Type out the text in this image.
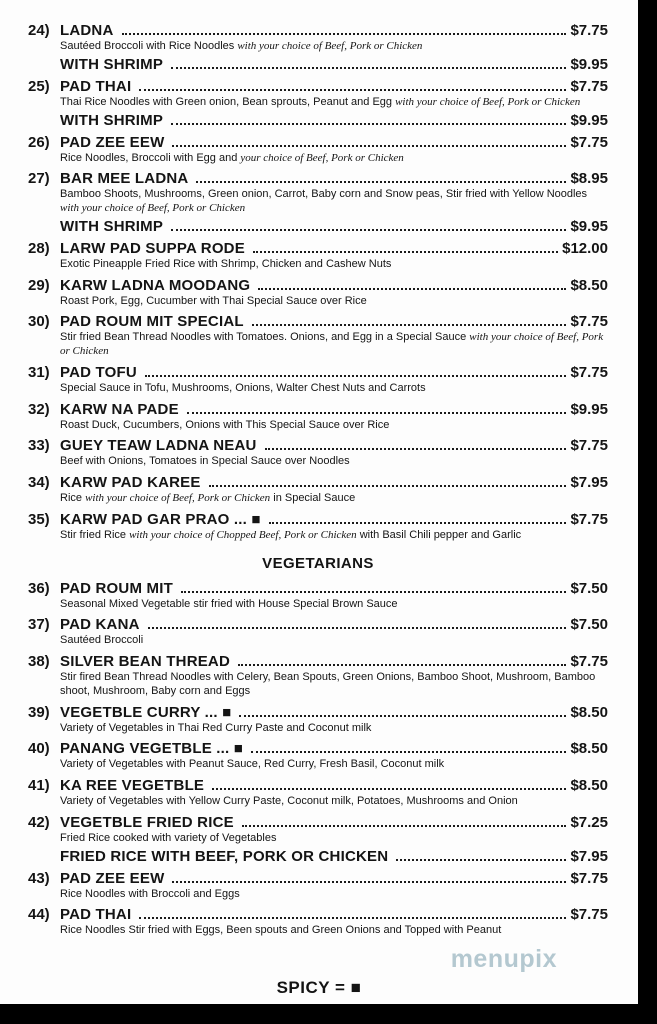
24) LADNA	$7.75
Sautéed Broccoli with Rice Noodles with your choice of Beef, Pork or Chicken
WITH SHRIMP	$9.95
25) PAD THAI	$7.75
Thai Rice Noodles with Green onion, Bean sprouts, Peanut and Egg with your choice of Beef, Pork or Chicken
WITH SHRIMP	$9.95
26) PAD ZEE EEW	$7.75
Rice Noodles, Broccoli with Egg and your choice of Beef, Pork or Chicken
27) BAR MEE LADNA	$8.95
Bamboo Shoots, Mushrooms, Green onion, Carrot, Baby corn and Snow peas, Stir fried with Yellow Noodles with your choice of Beef, Pork or Chicken
WITH SHRIMP	$9.95
28) LARW PAD SUPPA RODE	$12.00
Exotic Pineapple Fried Rice with Shrimp, Chicken and Cashew Nuts
29) KARW LADNA MOODANG	$8.50
Roast Pork, Egg, Cucumber with Thai Special Sauce over Rice
30) PAD ROUM MIT SPECIAL	$7.75
Stir fried Bean Thread Noodles with Tomatoes. Onions, and Egg in a Special Sauce with your choice of Beef, Pork or Chicken
31) PAD TOFU	$7.75
Special Sauce in Tofu, Mushrooms, Onions, Walter Chest Nuts and Carrots
32) KARW NA PADE	$9.95
Roast Duck, Cucumbers, Onions with This Special Sauce over Rice
33) GUEY TEAW LADNA NEAU	$7.75
Beef with Onions, Tomatoes in Special Sauce over Noodles
34) KARW PAD KAREE	$7.95
Rice with your choice of Beef, Pork or Chicken in Special Sauce
35) KARW PAD GAR PRAO ... ■	$7.75
Stir fried Rice with your choice of Chopped Beef, Pork or Chicken with Basil Chili pepper and Garlic
VEGETARIANS
36) PAD ROUM MIT	$7.50
Seasonal Mixed Vegetable stir fried with House Special Brown Sauce
37) PAD KANA	$7.50
Sautéed Broccoli
38) SILVER BEAN THREAD	$7.75
Stir fired Bean Thread Noodles with Celery, Bean Spouts, Green Onions, Bamboo Shoot, Mushroom, Bamboo shoot, Mushroom, Baby corn and Eggs
39) VEGETBLE CURRY ... ■	$8.50
Variety of Vegetables in Thai Red Curry Paste and Coconut milk
40) PANANG VEGETBLE ... ■	$8.50
Variety of Vegetables with Peanut Sauce, Red Curry, Fresh Basil, Coconut milk
41) KA REE VEGETBLE	$8.50
Variety of Vegetables with Yellow Curry Paste, Coconut milk, Potatoes, Mushrooms and Onion
42) VEGETBLE FRIED RICE	$7.25
Fried Rice cooked with variety of Vegetables
FRIED RICE WITH BEEF, PORK OR CHICKEN	$7.95
43) PAD ZEE EEW	$7.75
Rice Noodles with Broccoli and Eggs
44) PAD THAI	$7.75
Rice Noodles Stir fried with Eggs, Been spouts and Green Onions and Topped with Peanut
SPICY = ■
menupix
